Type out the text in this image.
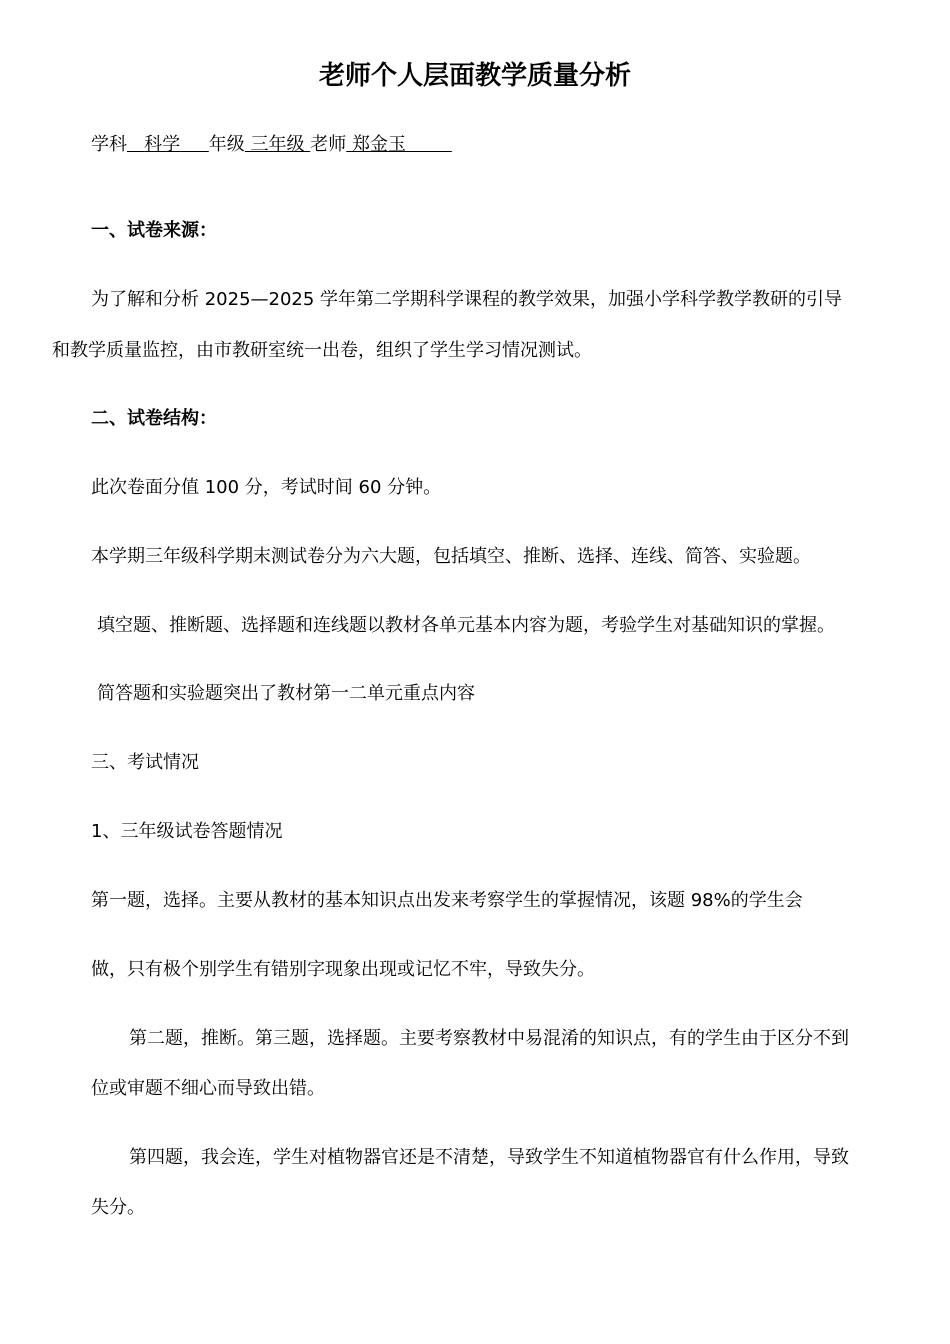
老师个人层面教学质量分析
学科 科学 年级 三年级 老师 郑金玉
一、试卷来源：
为了解和分析 2025—2025 学年第二学期科学课程的教学效果，加强小学科学教学教研的引导
和教学质量监控，由市教研室统一出卷，组织了学生学习情况测试。
二、试卷结构：
此次卷面分值 100 分，考试时间 60 分钟。
本学期三年级科学期末测试卷分为六大题，包括填空、推断、选择、连线、简答、实验题。
填空题、推断题、选择题和连线题以教材各单元基本内容为题，考验学生对基础知识的掌握。
简答题和实验题突出了教材第一二单元重点内容
三、考试情况
1、三年级试卷答题情况
第一题，选择。主要从教材的基本知识点出发来考察学生的掌握情况，该题 98%的学生会
做，只有极个别学生有错别字现象出现或记忆不牢，导致失分。
第二题，推断。第三题，选择题。主要考察教材中易混淆的知识点，有的学生由于区分不到
位或审题不细心而导致出错。
第四题，我会连，学生对植物器官还是不清楚，导致学生不知道植物器官有什么作用，导致
失分。
